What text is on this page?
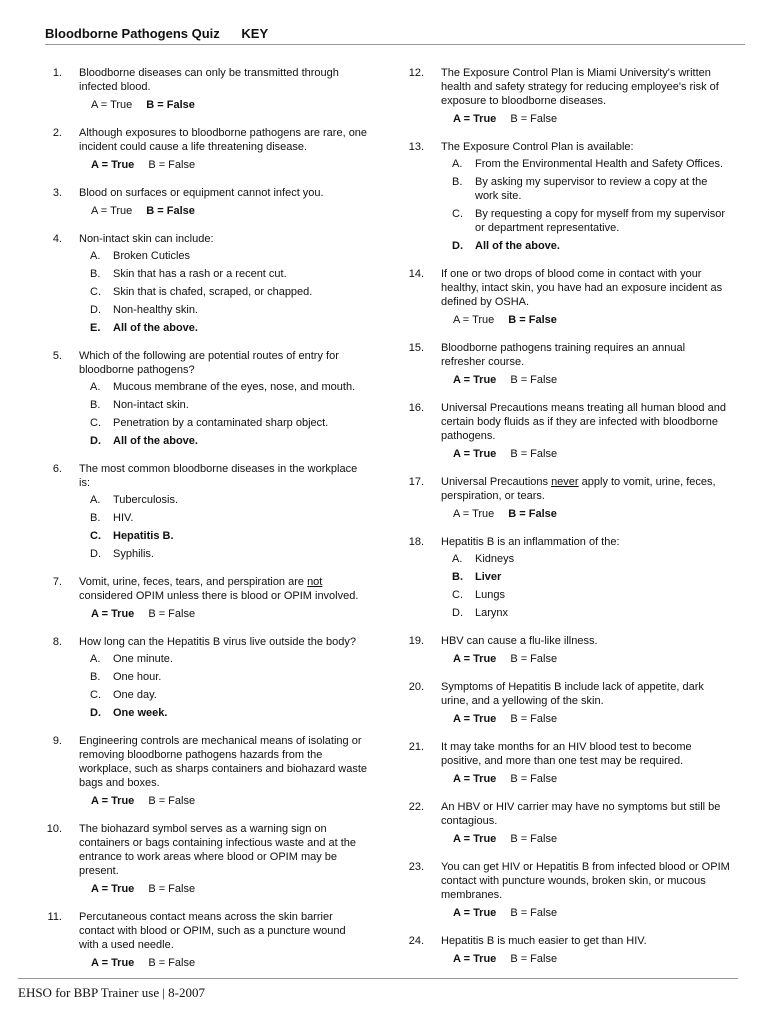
Bloodborne Pathogens Quiz KEY
1. Bloodborne diseases can only be transmitted through infected blood.
A = True B = False
2. Although exposures to bloodborne pathogens are rare, one incident could cause a life threatening disease.
A = True B = False
3. Blood on surfaces or equipment cannot infect you.
A = True B = False
4. Non-intact skin can include:
A.	Broken Cuticles
B.	Skin that has a rash or a recent cut.
C.	Skin that is chafed, scraped, or chapped.
D.	Non-healthy skin.
E.	All of the above.
5. Which of the following are potential routes of entry for bloodborne pathogens?
A.	Mucous membrane of the eyes, nose, and mouth.
B.	Non-intact skin.
C.	Penetration by a contaminated sharp object.
D.	All of the above.
6. The most common bloodborne diseases in the workplace is:
A.	Tuberculosis.
B.	HIV.
C.	Hepatitis B.
D.	Syphilis.
7. Vomit, urine, feces, tears, and perspiration are not considered OPIM unless there is blood or OPIM involved.
A = True B = False
8. How long can the Hepatitis B virus live outside the body?
A.	One minute.
B.	One hour.
C.	One day.
D.	One week.
9. Engineering controls are mechanical means of isolating or removing bloodborne pathogens hazards from the workplace, such as sharps containers and biohazard waste bags and boxes.
A = True B = False
10. The biohazard symbol serves as a warning sign on containers or bags containing infectious waste and at the entrance to work areas where blood or OPIM may be present.
A = True B = False
11. Percutaneous contact means across the skin barrier contact with blood or OPIM, such as a puncture wound with a used needle.
A = True B = False
12. The Exposure Control Plan is Miami University's written health and safety strategy for reducing employee's risk of exposure to bloodborne diseases.
A = True B = False
13. The Exposure Control Plan is available:
A.	From the Environmental Health and Safety Offices.
B.	By asking my supervisor to review a copy at the work site.
C.	By requesting a copy for myself from my supervisor or department representative.
D.	All of the above.
14. If one or two drops of blood come in contact with your healthy, intact skin, you have had an exposure incident as defined by OSHA.
A = True B = False
15. Bloodborne pathogens training requires an annual refresher course.
A = True B = False
16. Universal Precautions means treating all human blood and certain body fluids as if they are infected with bloodborne pathogens.
A = True B = False
17. Universal Precautions never apply to vomit, urine, feces, perspiration, or tears.
A = True B = False
18. Hepatitis B is an inflammation of the:
A.	Kidneys
B.	Liver
C.	Lungs
D.	Larynx
19. HBV can cause a flu-like illness.
A = True B = False
20. Symptoms of Hepatitis B include lack of appetite, dark urine, and a yellowing of the skin.
A = True B = False
21. It may take months for an HIV blood test to become positive, and more than one test may be required.
A = True B = False
22. An HBV or HIV carrier may have no symptoms but still be contagious.
A = True B = False
23. You can get HIV or Hepatitis B from infected blood or OPIM contact with puncture wounds, broken skin, or mucous membranes.
A = True B = False
24. Hepatitis B is much easier to get than HIV.
A = True B = False
EHSO for BBP Trainer use | 8-2007
